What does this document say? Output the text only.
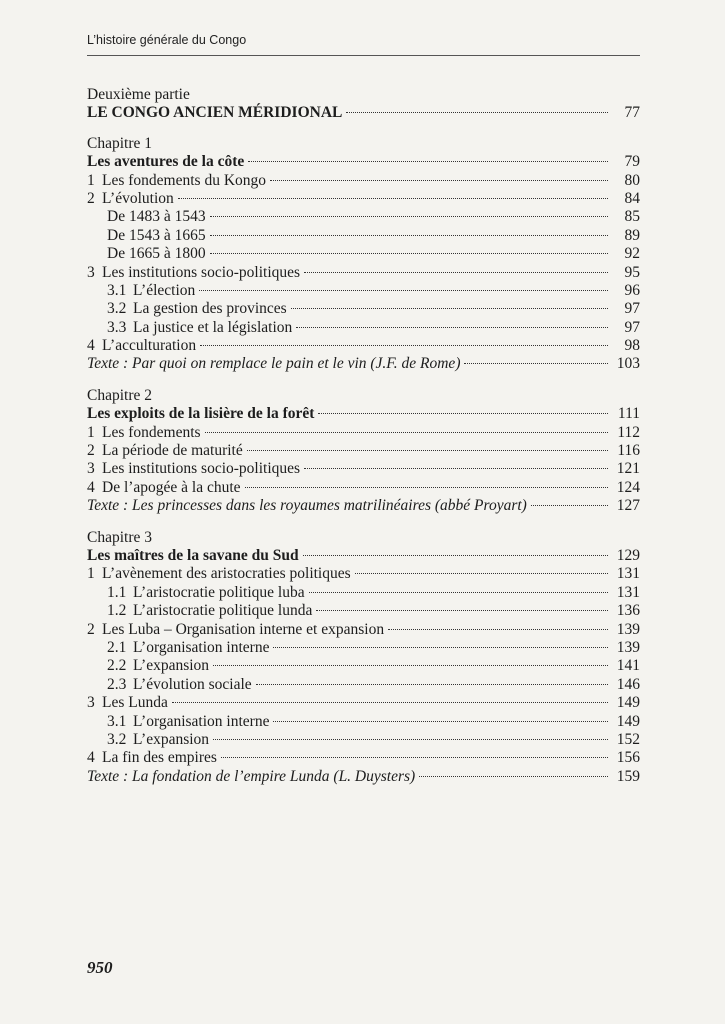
L’histoire générale du Congo
Deuxième partie
LE CONGO ANCIEN MÉRIDIONAL	77
Chapitre 1
Les aventures de la côte	79
1 Les fondements du Kongo	80
2 L’évolution	84
De 1483 à 1543	85
De 1543 à 1665	89
De 1665 à 1800	92
3 Les institutions socio-politiques	95
3.1 L’élection	96
3.2 La gestion des provinces	97
3.3 La justice et la législation	97
4 L’acculturation	98
Texte : Par quoi on remplace le pain et le vin (J.F. de Rome)	103
Chapitre 2
Les exploits de la lisière de la forêt	111
1 Les fondements	112
2 La période de maturité	116
3 Les institutions socio-politiques	121
4 De l’apogée à la chute	124
Texte : Les princesses dans les royaumes matrilinéaires (abbé Proyart)	127
Chapitre 3
Les maîtres de la savane du Sud	129
1 L’avènement des aristocraties politiques	131
1.1 L’aristocratie politique luba	131
1.2 L’aristocratie politique lunda	136
2 Les Luba – Organisation interne et expansion	139
2.1 L’organisation interne	139
2.2 L’expansion	141
2.3 L’évolution sociale	146
3 Les Lunda	149
3.1 L’organisation interne	149
3.2 L’expansion	152
4 La fin des empires	156
Texte : La fondation de l’empire Lunda (L. Duysters)	159
950
